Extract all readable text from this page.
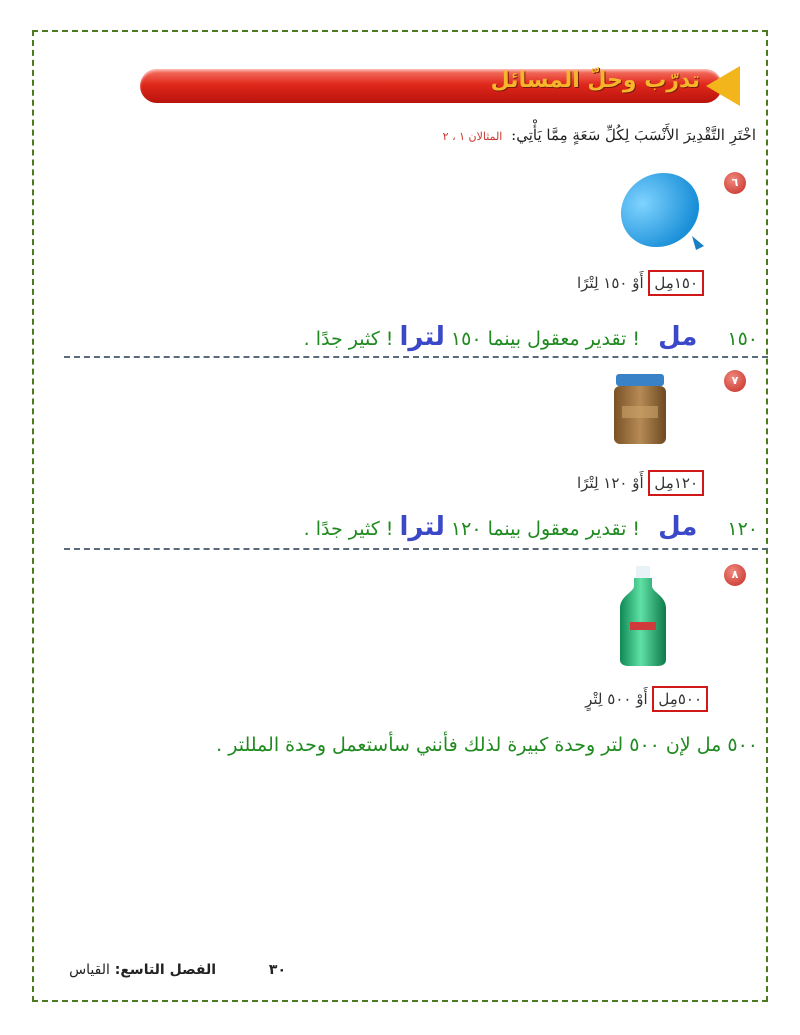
تدرّب وحلّ المسائل
اخْتَرِ التَّقْدِيرَ الأَنْسَبَ لِكُلِّ سَعَةٍ مِمَّا يَأْتِي: المثالان ١ ، ٢
٦
١٥٠مِل أَوْ ١٥٠ لِتْرًا
١٥٠مل! تقدير معقول بينما ١٥٠لترا! كثير جدًا .
٧
١٢٠مِل أَوْ ١٢٠ لِتْرًا
١٢٠مل! تقدير معقول بينما ١٢٠لترا! كثير جدًا .
٨
٥٠٠مِل أَوْ ٥٠٠ لِتْرٍ
٥٠٠ مل لإن ٥٠٠ لتر وحدة كبيرة لذلك فأنني سأستعمل وحدة المللتر .
٣٠ الفصل التاسع: القياس
